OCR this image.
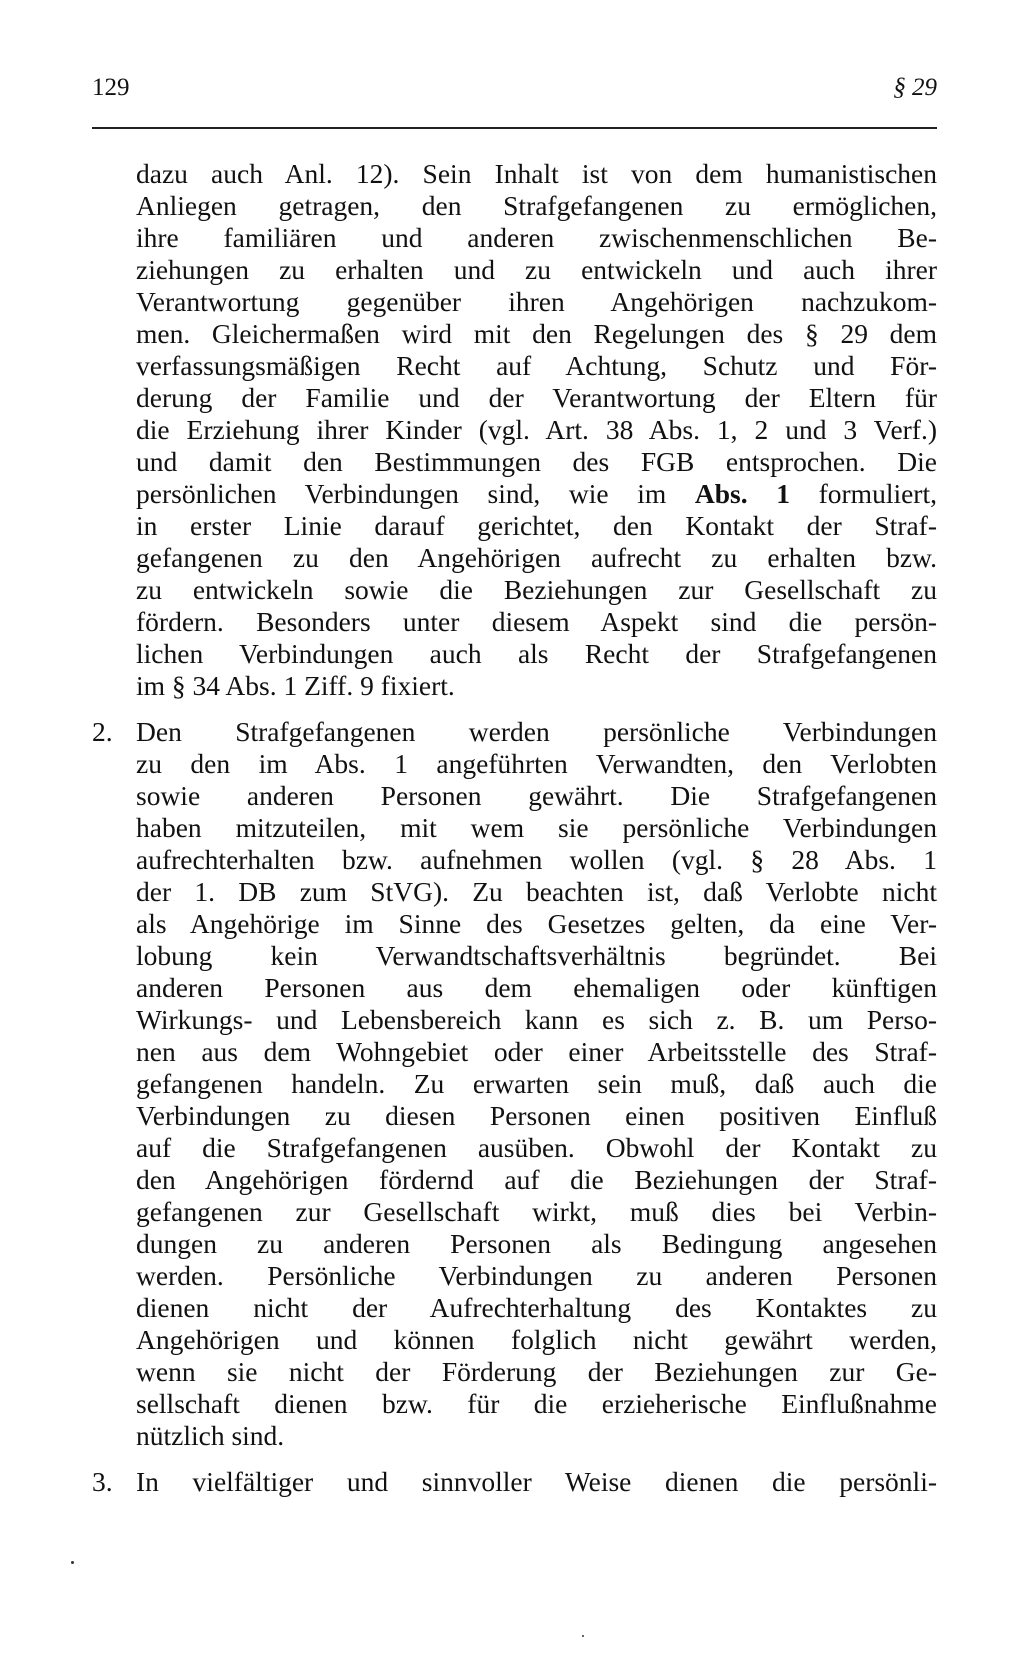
129	§ 29
dazu auch Anl. 12). Sein Inhalt ist von dem humanistischen
Anliegen getragen, den Strafgefangenen zu ermöglichen,
ihre familiären und anderen zwischenmenschlichen Be-
ziehungen zu erhalten und zu entwickeln und auch ihrer
Verantwortung gegenüber ihren Angehörigen nachzukom-
men. Gleichermaßen wird mit den Regelungen des § 29 dem
verfassungsmäßigen Recht auf Achtung, Schutz und För-
derung der Familie und der Verantwortung der Eltern für
die Erziehung ihrer Kinder (vgl. Art. 38 Abs. 1, 2 und 3 Verf.)
und damit den Bestimmungen des FGB entsprochen. Die
persönlichen Verbindungen sind, wie im Abs. 1 formuliert,
in erster Linie darauf gerichtet, den Kontakt der Straf-
gefangenen zu den Angehörigen aufrecht zu erhalten bzw.
zu entwickeln sowie die Beziehungen zur Gesellschaft zu
fördern. Besonders unter diesem Aspekt sind die persön-
lichen Verbindungen auch als Recht der Strafgefangenen
im § 34 Abs. 1 Ziff. 9 fixiert.
2. Den Strafgefangenen werden persönliche Verbindungen
zu den im Abs. 1 angeführten Verwandten, den Verlobten
sowie anderen Personen gewährt. Die Strafgefangenen
haben mitzuteilen, mit wem sie persönliche Verbindungen
aufrechterhalten bzw. aufnehmen wollen (vgl. § 28 Abs. 1
der 1. DB zum StVG). Zu beachten ist, daß Verlobte nicht
als Angehörige im Sinne des Gesetzes gelten, da eine Ver-
lobung kein Verwandtschaftsverhältnis begründet. Bei
anderen Personen aus dem ehemaligen oder künftigen
Wirkungs- und Lebensbereich kann es sich z. B. um Perso-
nen aus dem Wohngebiet oder einer Arbeitsstelle des Straf-
gefangenen handeln. Zu erwarten sein muß, daß auch die
Verbindungen zu diesen Personen einen positiven Einfluß
auf die Strafgefangenen ausüben. Obwohl der Kontakt zu
den Angehörigen fördernd auf die Beziehungen der Straf-
gefangenen zur Gesellschaft wirkt, muß dies bei Verbin-
dungen zu anderen Personen als Bedingung angesehen
werden. Persönliche Verbindungen zu anderen Personen
dienen nicht der Aufrechterhaltung des Kontaktes zu
Angehörigen und können folglich nicht gewährt werden,
wenn sie nicht der Förderung der Beziehungen zur Ge-
sellschaft dienen bzw. für die erzieherische Einflußnahme
nützlich sind.
3. In vielfältiger und sinnvoller Weise dienen die persönli-
